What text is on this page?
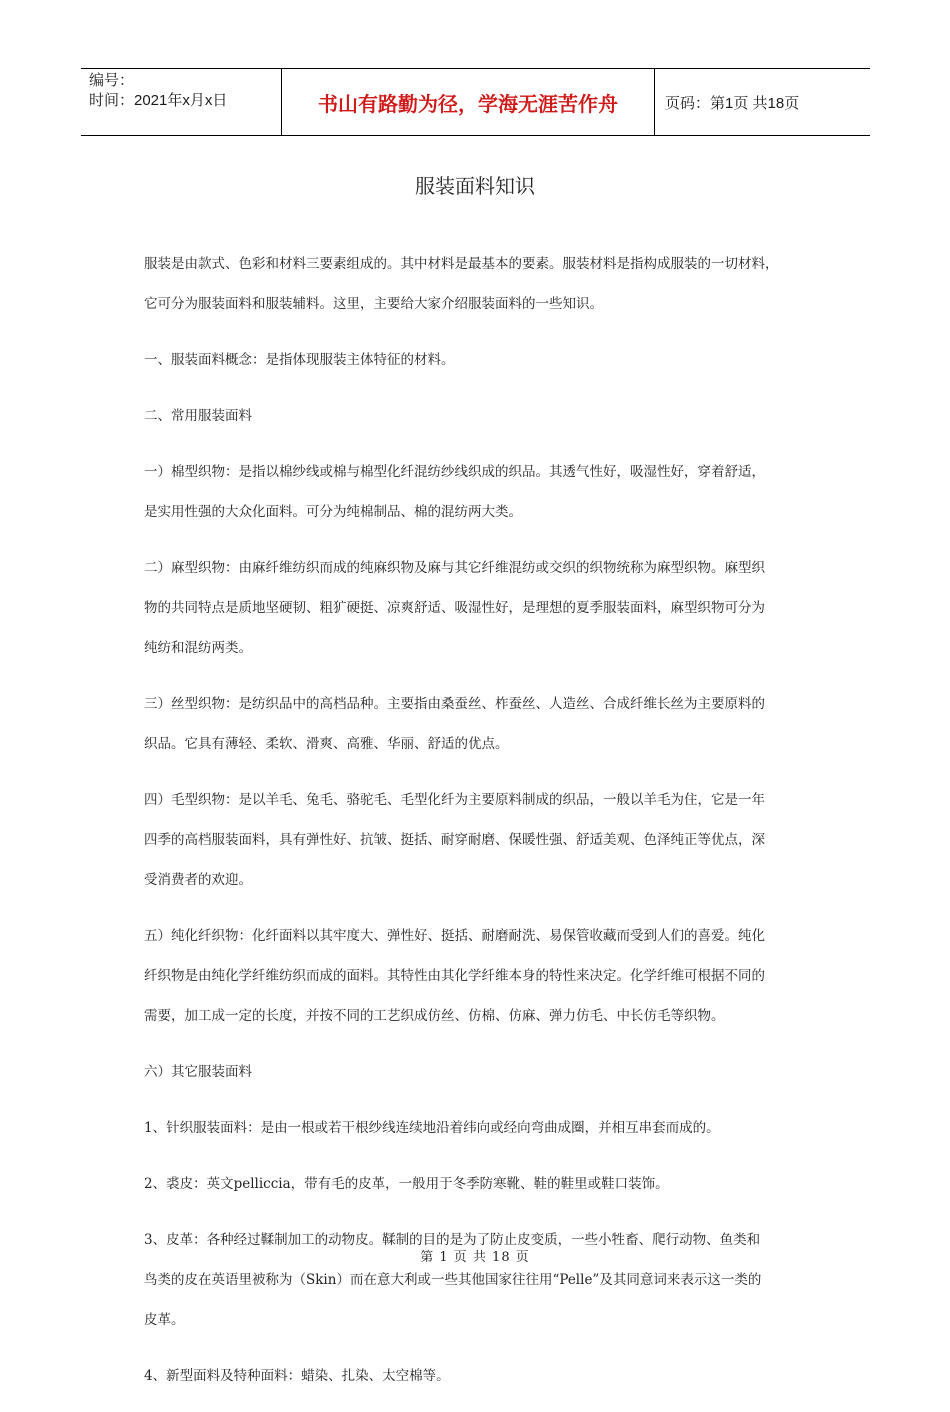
编号：
时间：2021年x月x日	书山有路勤为径，学海无涯苦作舟	页码：第1页 共18页
服装面料知识
服装是由款式、色彩和材料三要素组成的。其中材料是最基本的要素。服装材料是指构成服装的一切材料，
它可分为服装面料和服装辅料。这里，主要给大家介绍服装面料的一些知识。
一、服装面料概念：是指体现服装主体特征的材料。
二、常用服装面料
一）棉型织物：是指以棉纱线或棉与棉型化纤混纺纱线织成的织品。其透气性好，吸湿性好，穿着舒适，
是实用性强的大众化面料。可分为纯棉制品、棉的混纺两大类。
二）麻型织物：由麻纤维纺织而成的纯麻织物及麻与其它纤维混纺或交织的织物统称为麻型织物。麻型织
物的共同特点是质地坚硬韧、粗犷硬挺、凉爽舒适、吸湿性好，是理想的夏季服装面料，麻型织物可分为
纯纺和混纺两类。
三）丝型织物：是纺织品中的高档品种。主要指由桑蚕丝、柞蚕丝、人造丝、合成纤维长丝为主要原料的
织品。它具有薄轻、柔软、滑爽、高雅、华丽、舒适的优点。
四）毛型织物：是以羊毛、兔毛、骆驼毛、毛型化纤为主要原料制成的织品，一般以羊毛为住，它是一年
四季的高档服装面料，具有弹性好、抗皱、挺括、耐穿耐磨、保暖性强、舒适美观、色泽纯正等优点，深
受消费者的欢迎。
五）纯化纤织物：化纤面料以其牢度大、弹性好、挺括、耐磨耐洗、易保管收藏而受到人们的喜爱。纯化
纤织物是由纯化学纤维纺织而成的面料。其特性由其化学纤维本身的特性来决定。化学纤维可根据不同的
需要，加工成一定的长度，并按不同的工艺织成仿丝、仿棉、仿麻、弹力仿毛、中长仿毛等织物。
六）其它服装面料
1、针织服装面料：是由一根或若干根纱线连续地沿着纬向或经向弯曲成圈，并相互串套而成的。
2、裘皮：英文pelliccia，带有毛的皮革，一般用于冬季防寒靴、鞋的鞋里或鞋口装饰。
3、皮革：各种经过鞣制加工的动物皮。鞣制的目的是为了防止皮变质，一些小牲畜、爬行动物、鱼类和
鸟类的皮在英语里被称为（Skin）而在意大利或一些其他国家往往用“Pelle”及其同意词来表示这一类的
皮革。
4、新型面料及特种面料：蜡染、扎染、太空棉等。
第 1 页 共 18 页
